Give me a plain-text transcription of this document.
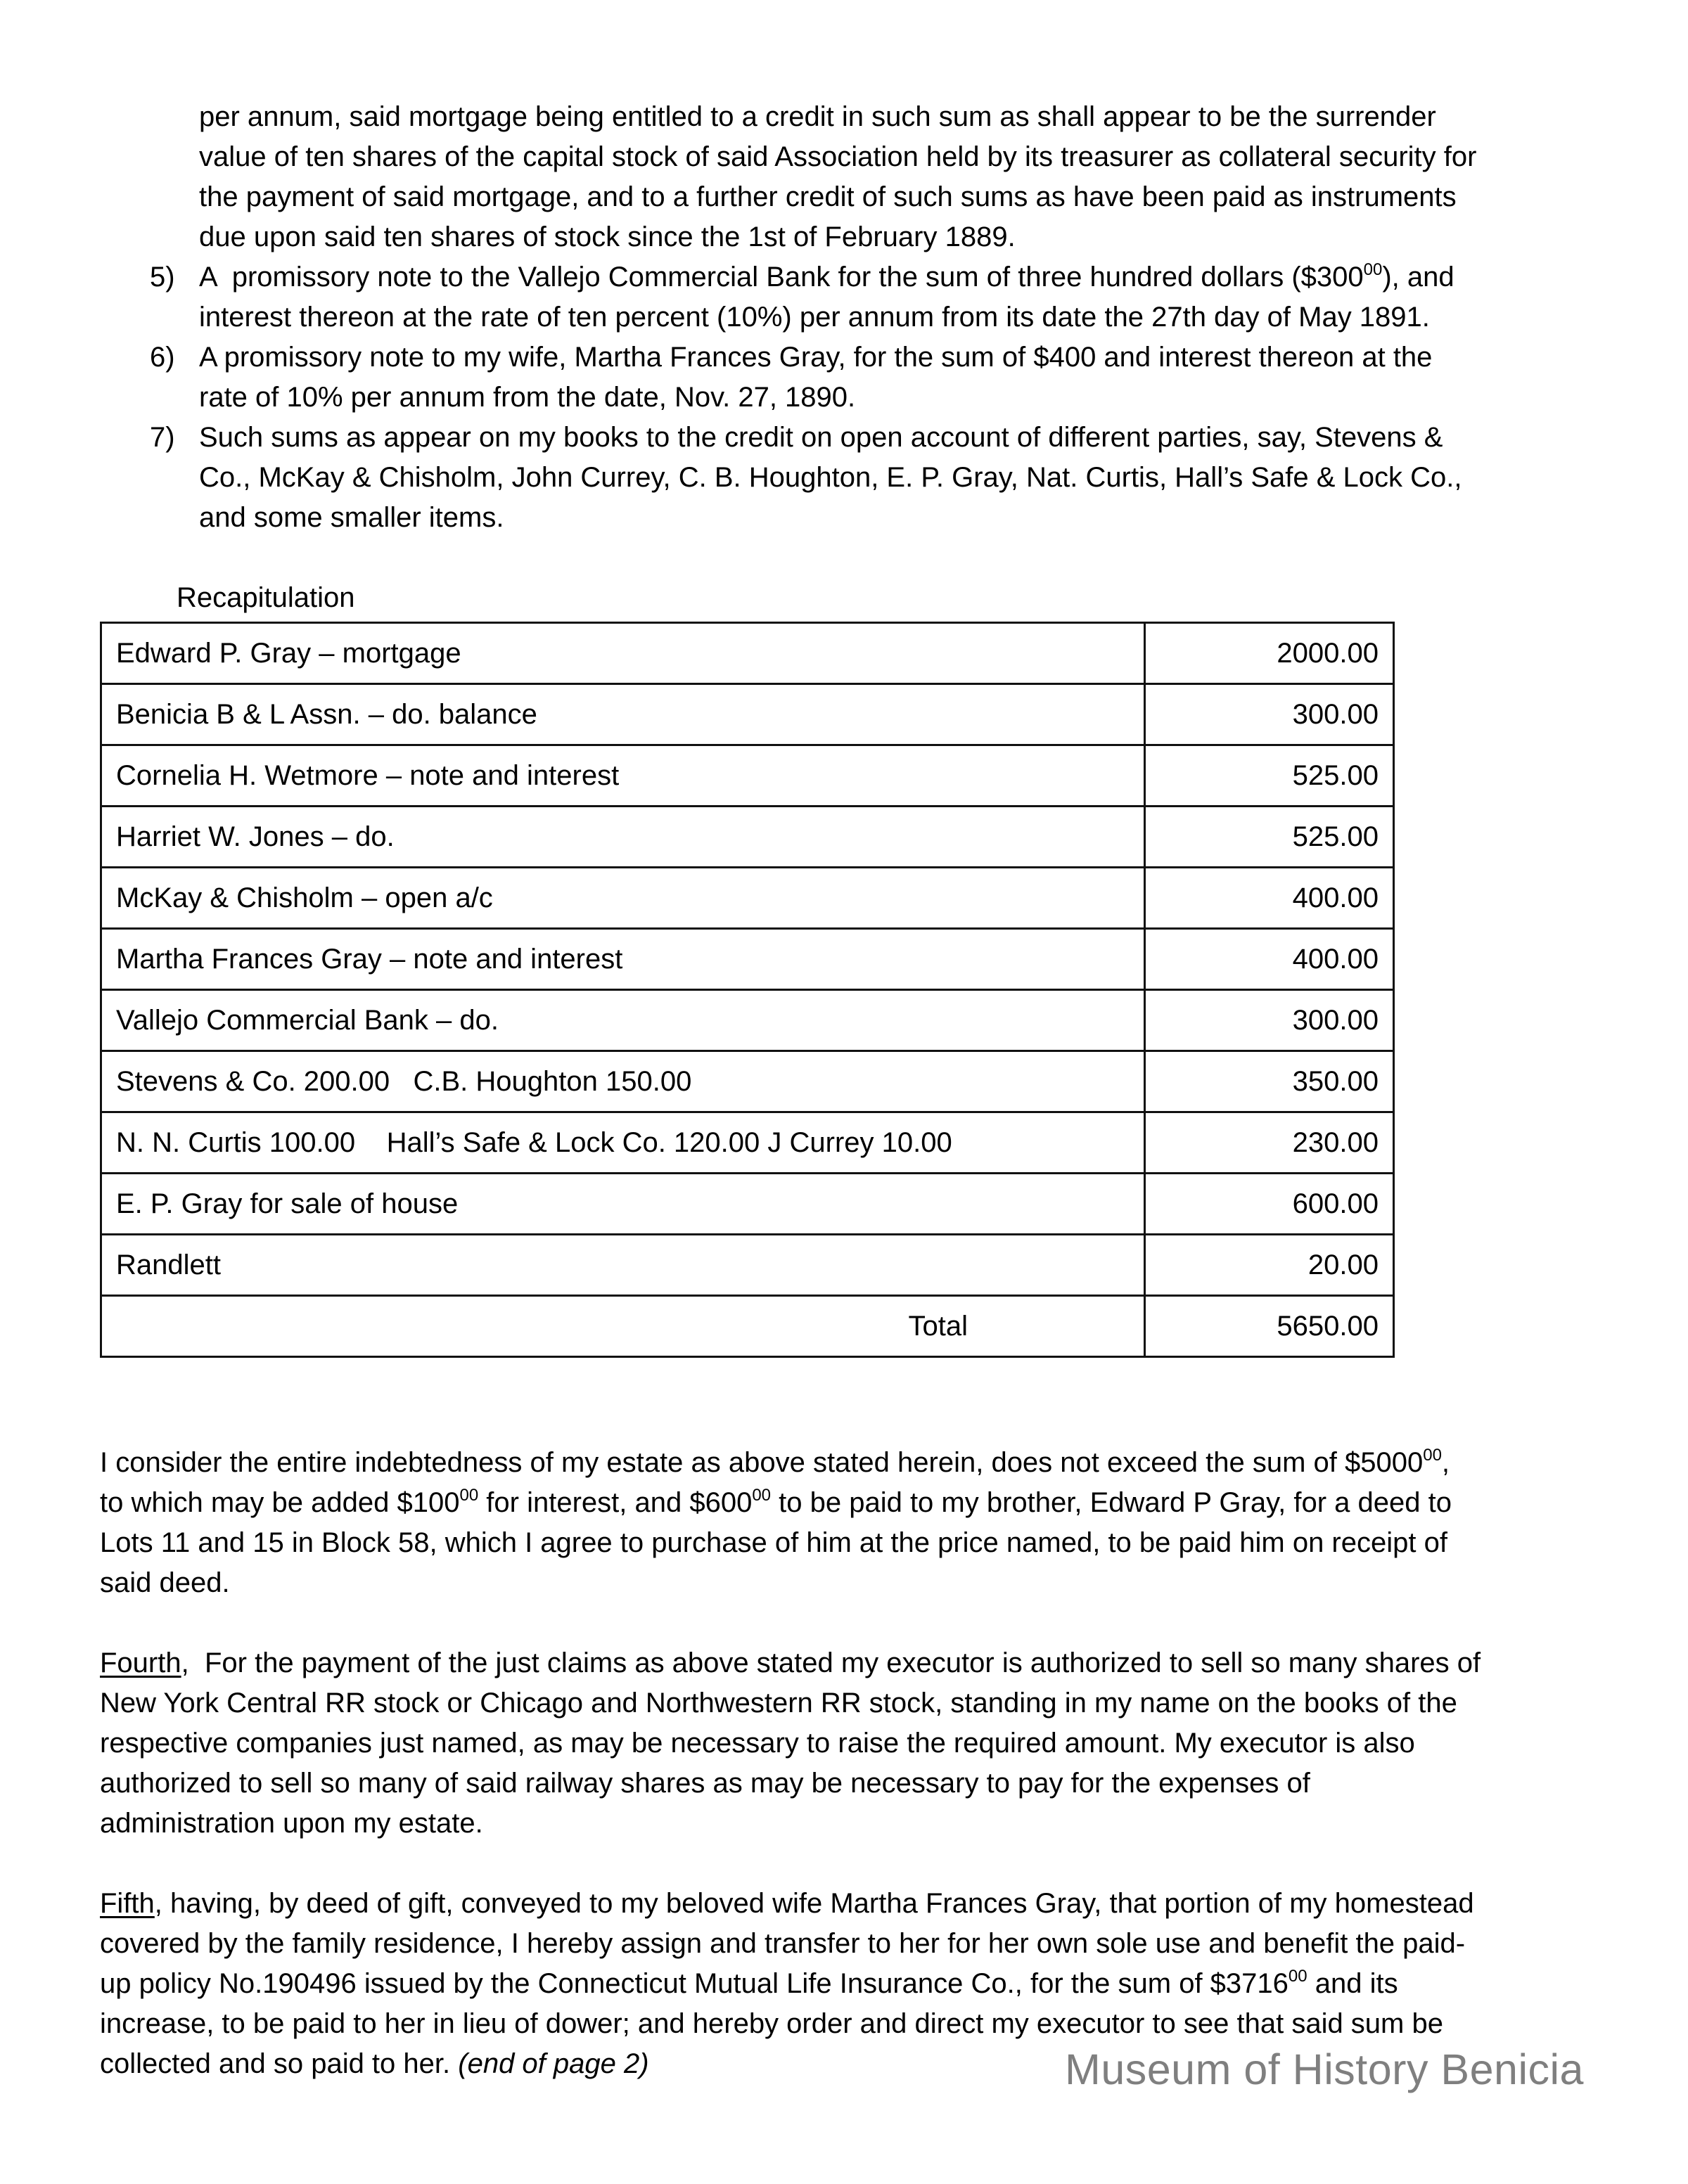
per annum, said mortgage being entitled to a credit in such sum as shall appear to be the surrender
value of ten shares of the capital stock of said Association held by its treasurer as collateral security for
the payment of said mortgage, and to a further credit of such sums as have been paid as instruments
due upon said ten shares of stock since the 1st of February 1889.
5) A  promissory note to the Vallejo Commercial Bank for the sum of three hundred dollars $(\$300^{00})$, and
interest thereon at the rate of ten percent (10%) per annum from its date the 27th day of May 1891.
6) A promissory note to my wife, Martha Frances Gray, for the sum of $400 and interest thereon at the
rate of 10% per annum from the date, Nov. 27, 1890.
7) Such sums as appear on my books to the credit on open account of different parties, say, Stevens &
Co., McKay & Chisholm, John Currey, C. B. Houghton, E. P. Gray, Nat. Curtis, Hall’s Safe & Lock Co.,
and some smaller items.
Recapitulation
Edward P. Gray – mortgage	2000.00
Benicia B & L Assn. – do. balance	300.00
Cornelia H. Wetmore – note and interest	525.00
Harriet W. Jones – do.	525.00
McKay & Chisholm – open a/c	400.00
Martha Frances Gray – note and interest	400.00
Vallejo Commercial Bank – do.	300.00
Stevens & Co. 200.00   C.B. Houghton 150.00	350.00
N. N. Curtis 100.00    Hall’s Safe & Lock Co. 120.00 J Currey 10.00	230.00
E. P. Gray for sale of house	600.00
Randlett	20.00
Total	5650.00
I consider the entire indebtedness of my estate as above stated herein, does not exceed the sum of $5000$^{00}$,
to which may be added $\$100^{00}$ for interest, and $\$600^{00}$ to be paid to my brother, Edward P Gray, for a deed to
Lots 11 and 15 in Block 58, which I agree to purchase of him at the price named, to be paid him on receipt of
said deed.
Fourth,  For the payment of the just claims as above stated my executor is authorized to sell so many shares of
New York Central RR stock or Chicago and Northwestern RR stock, standing in my name on the books of the
respective companies just named, as may be necessary to raise the required amount. My executor is also
authorized to sell so many of said railway shares as may be necessary to pay for the expenses of
administration upon my estate.
Fifth, having, by deed of gift, conveyed to my beloved wife Martha Frances Gray, that portion of my homestead
covered by the family residence, I hereby assign and transfer to her for her own sole use and benefit the paid-
up policy No.190496 issued by the Connecticut Mutual Life Insurance Co., for the sum of $3716$^{00}$ and its
increase, to be paid to her in lieu of dower; and hereby order and direct my executor to see that said sum be
collected and so paid to her. (end of page 2)	Museum of History Benicia
